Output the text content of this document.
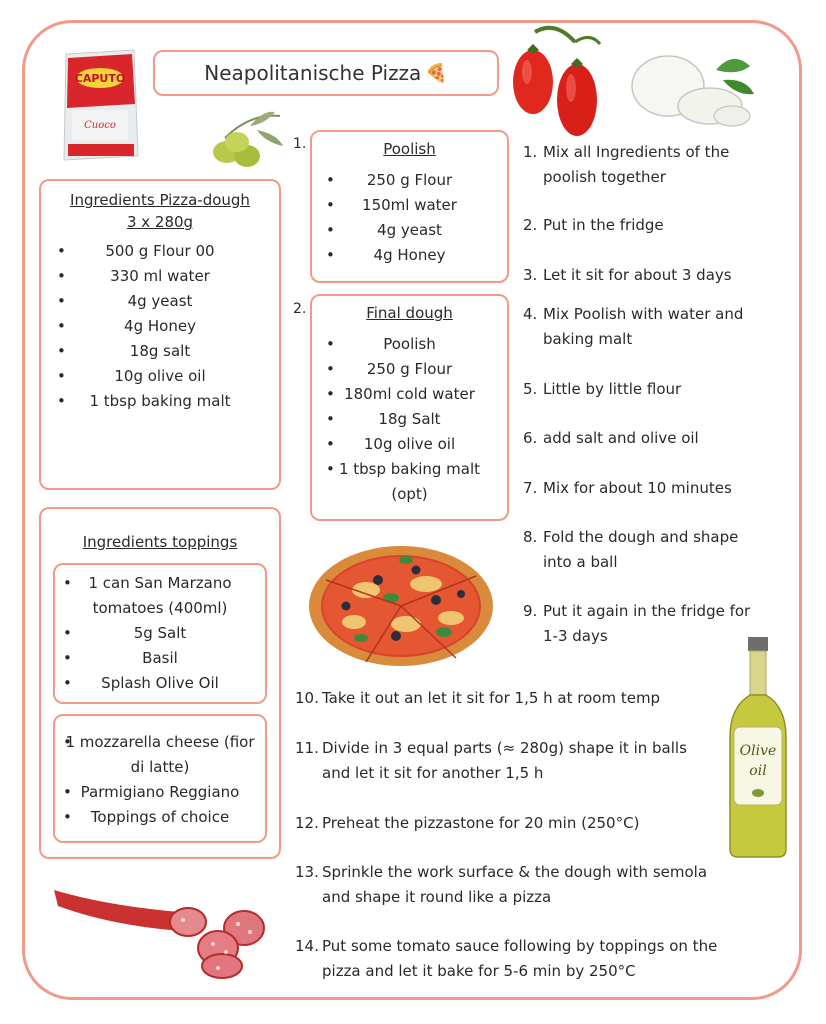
Neapolitanische Pizza 🍕
CAPUTO
Cuoco
Ingredients Pizza-dough
3 x 280g
• 500 g Flour 00
• 330 ml water
• 4g yeast
• 4g Honey
• 18g salt
• 10g olive oil
• 1 tbsp baking malt
Ingredients toppings
• 1 can San Marzano tomatoes (400ml)
• 5g Salt
• Basil
• Splash Olive Oil
• 1 mozzarella cheese (fior di latte)
• Parmigiano Reggiano
• Toppings of choice
1.	Poolish
• 250 g Flour
• 150ml water
• 4g yeast
• 4g Honey
2.	Final dough
• Poolish
• 250 g Flour
• 180ml cold water
• 18g Salt
• 10g olive oil
• 1 tbsp baking malt (opt)
Olive
oil
1. Mix all Ingredients of the poolish together
2. Put in the fridge
3. Let it sit for about 3 days
4. Mix Poolish with water and baking malt
5. Little by little flour
6. add salt and olive oil
7. Mix for about 10 minutes
8. Fold the dough and shape into a ball
9. Put it again in the fridge for 1-3 days
10. Take it out an let it sit for 1,5 h at room temp
11. Divide in 3 equal parts (≈ 280g) shape it in balls and let it sit for another 1,5 h
12. Preheat the pizzastone for 20 min (250°C)
13. Sprinkle the work surface & the dough with semola and shape it round like a pizza
14. Put some tomato sauce following by toppings on the pizza and let it bake for 5-6 min by 250°C
